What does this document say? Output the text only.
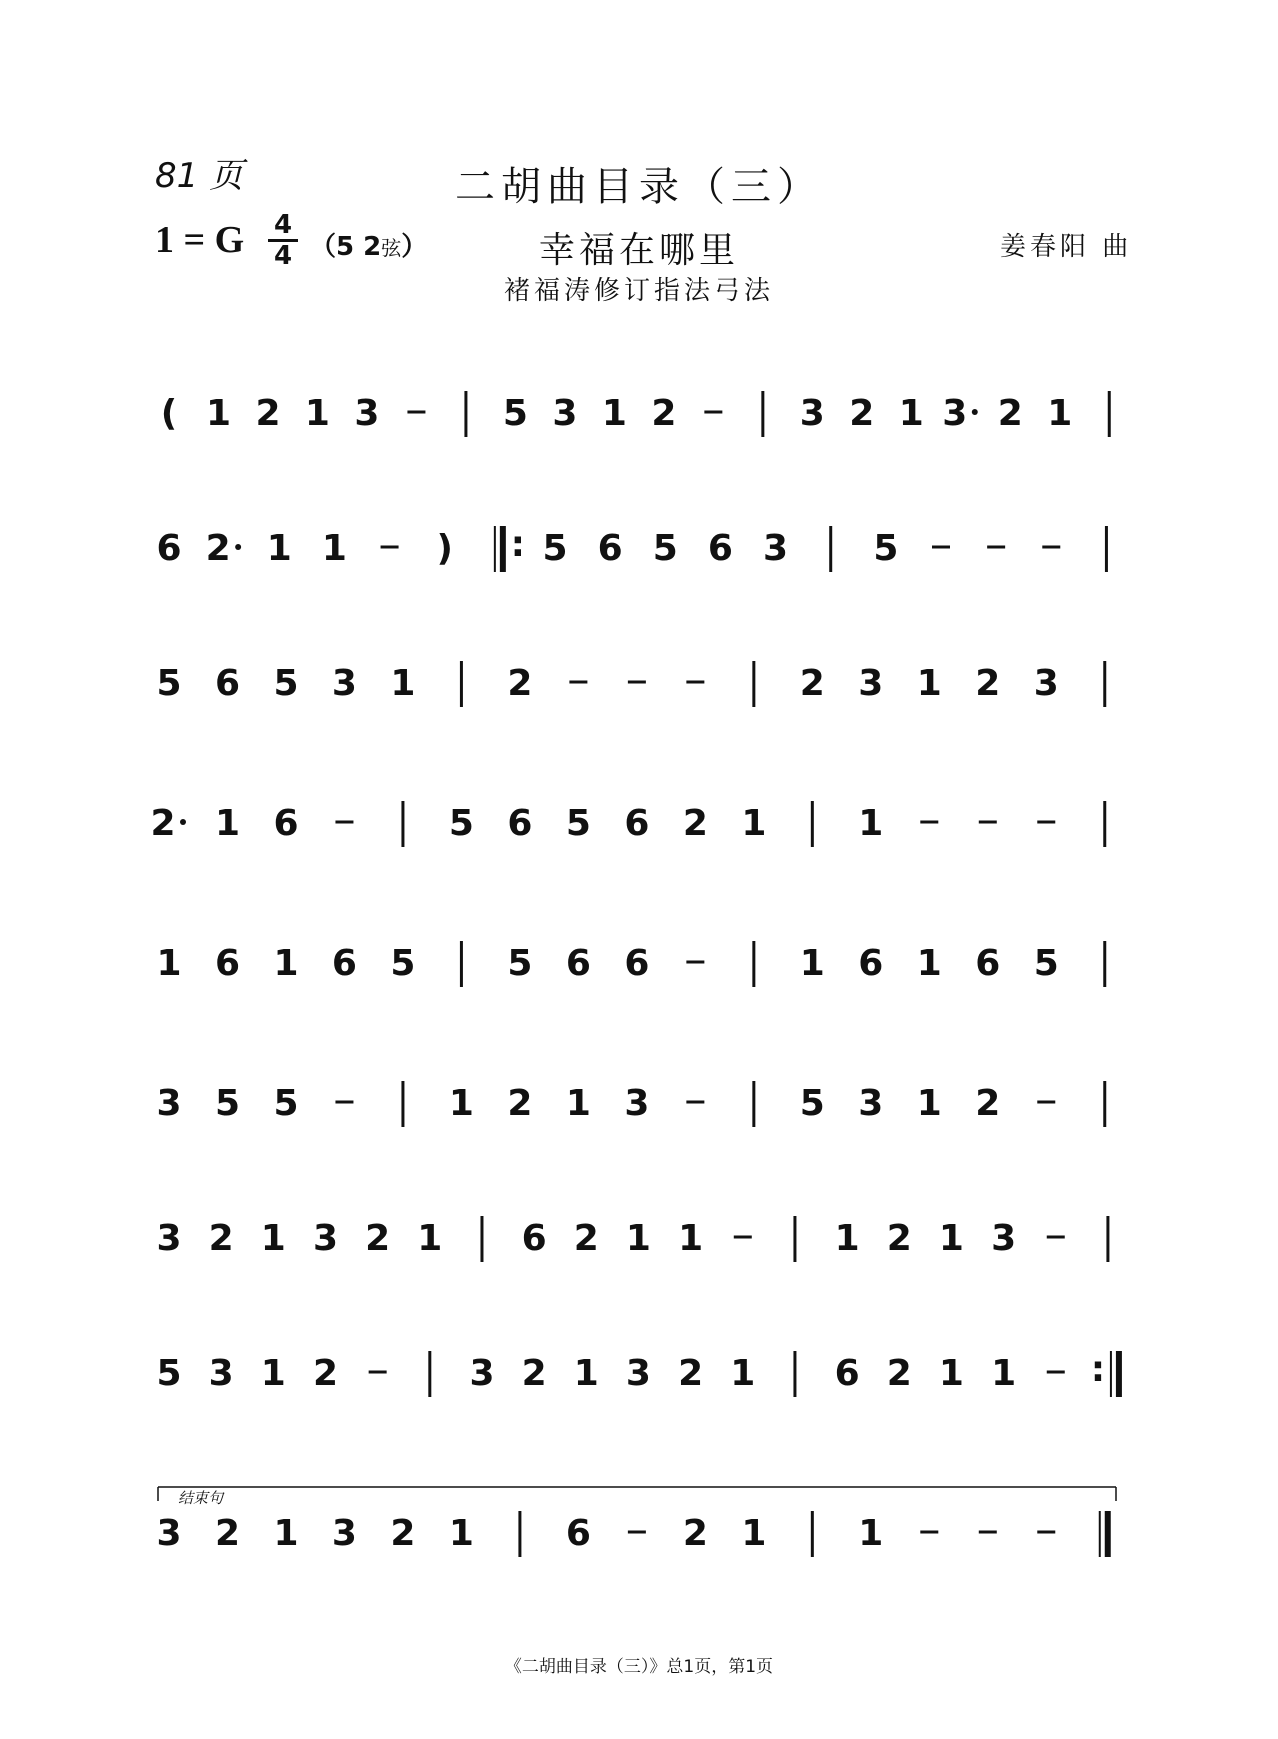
81 页	二胡曲目录（三）
1 = G 4
4 （5 2弦）	幸福在哪里
褚福涛修订指法弓法
姜春阳 曲
( 1 2 1 3	5 3 1 2	3 2 1 3 2 1
6 2 1 1 ) : 5 6 5 6 3 5
5 6 5 3 1	2	2 3 1 2 3
2 1 6	5 6 5 6 2 1	1
1 6 1 6 5	5 6 6	1 6 1 6 5
3 5 5	1 2 1 3	5 3 1 2
3 2 1 3 2 1 6 2 1 1	1 2 1 3
5 3 1 2	3 2 1 3 2 1 6 2 1 1 :
3 2 1 3 2 1	6	2 1	1
结束句
《二胡曲目录（三）》总1页，第1页
